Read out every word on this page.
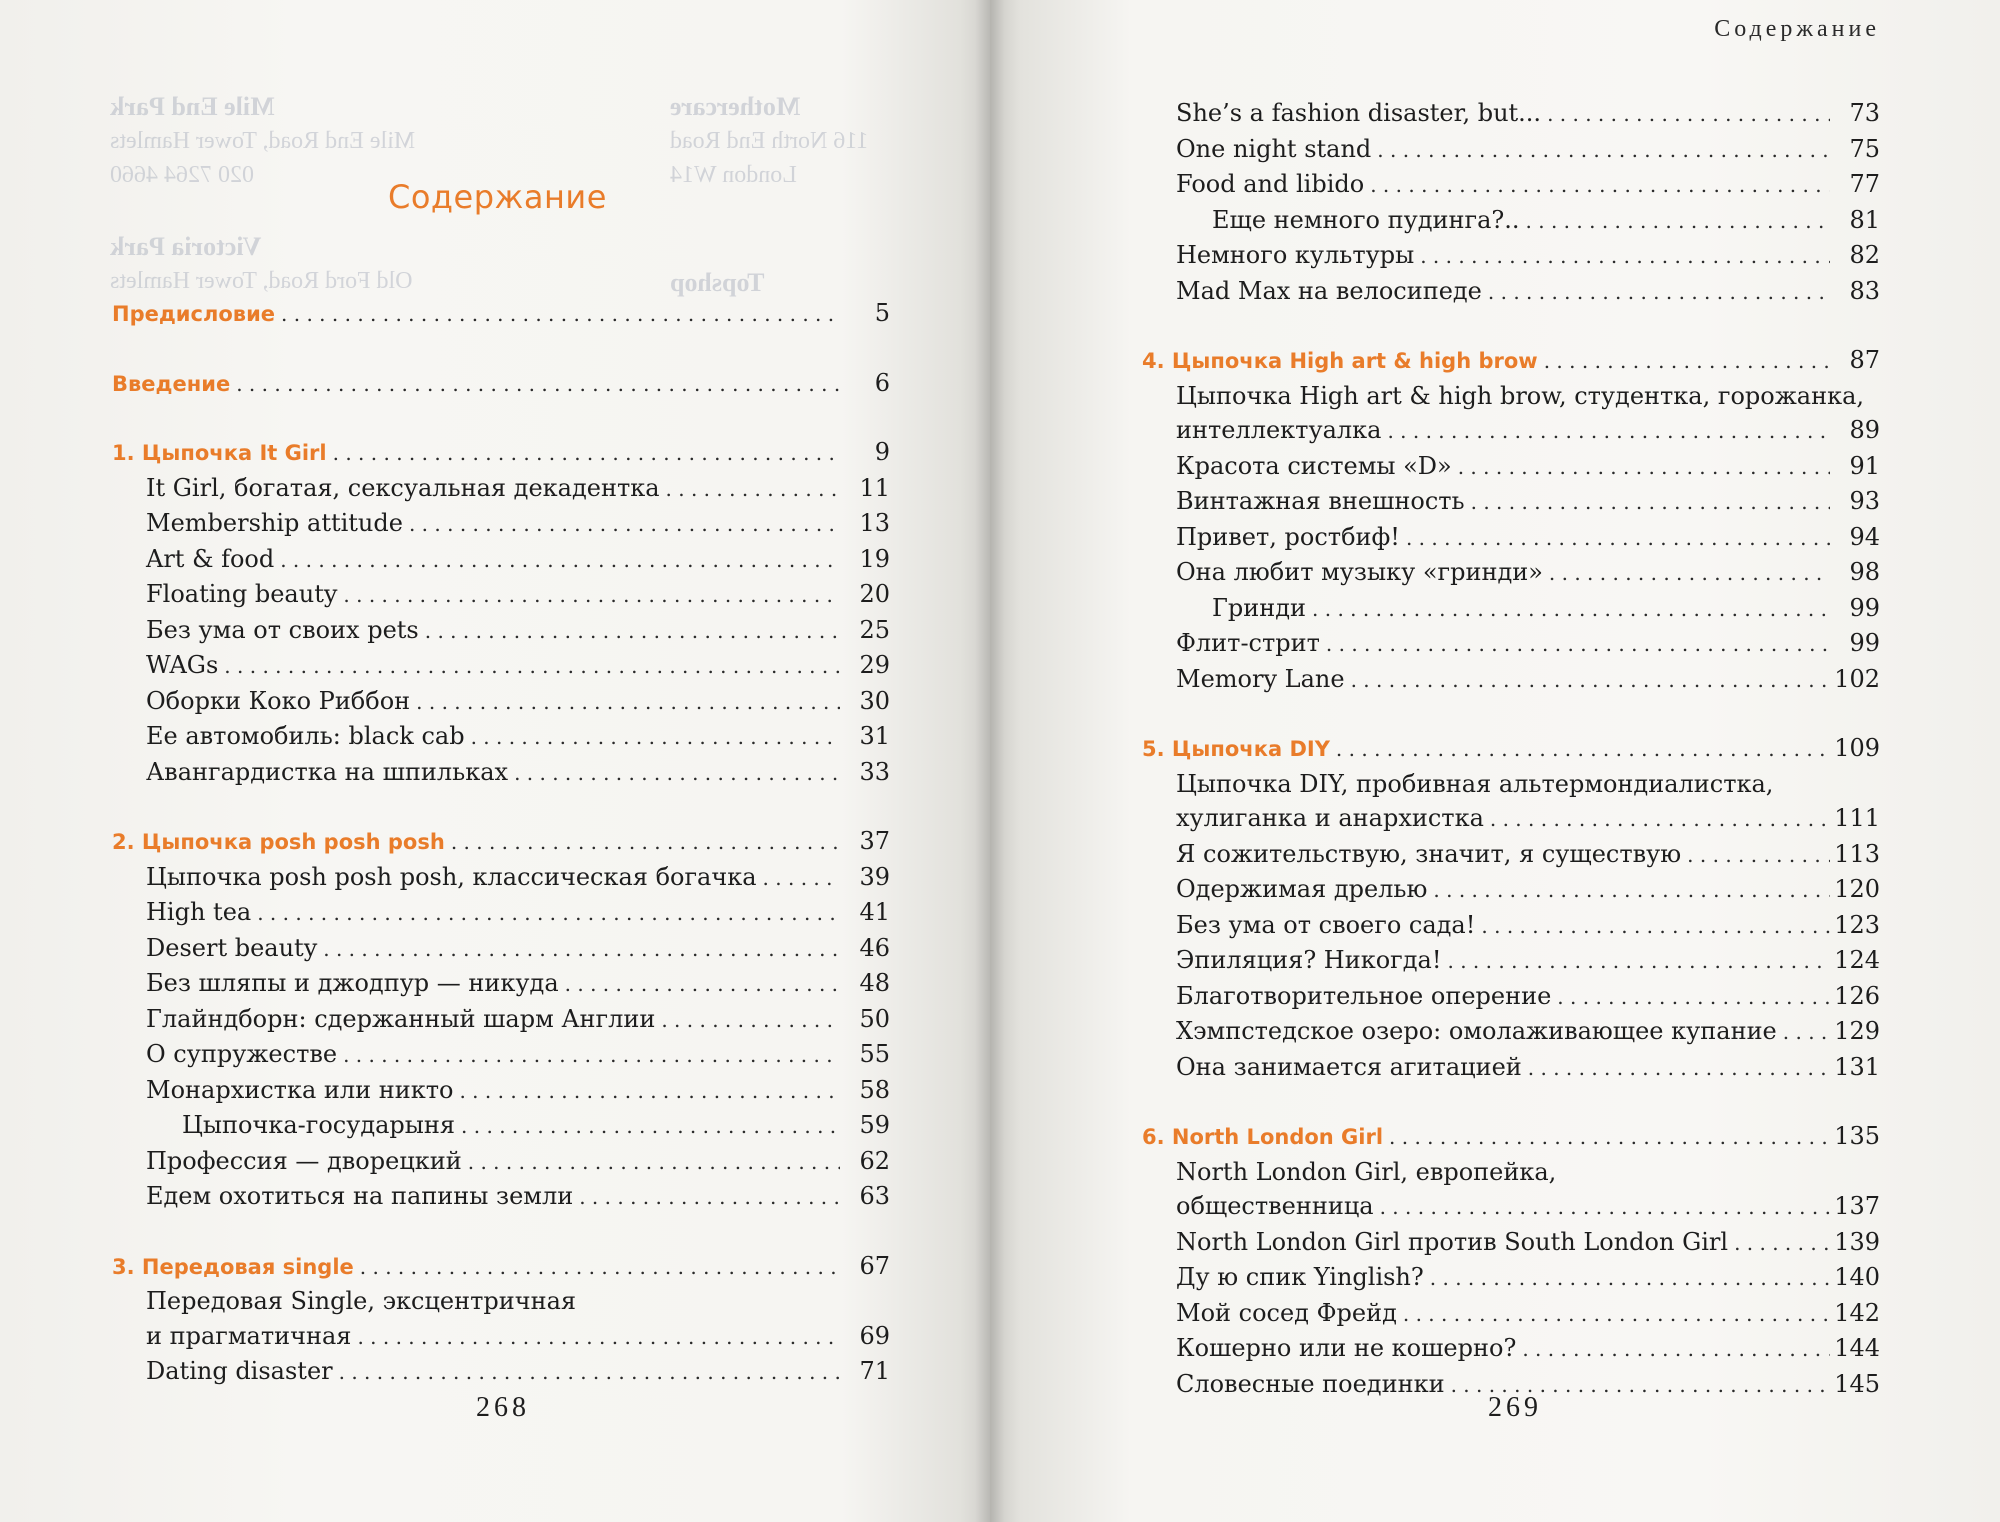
Mile End Park
Mile End Road, Tower Hamlets
020 7264 4660
Victoria Park
Old Ford Road, Tower Hamlets
Mothercare
116 North End Road
London W14
Topshop
Содержание
Предисловие . . .	5
Введение . . .	6
1. Цыпочка It Girl . . .	9
It Girl, богатая, сексуальная декадентка . . .	11
Membership attitude . . .	13
Art & food . . .	19
Floating beauty . . .	20
Без ума от своих pets . . .	25
WAGs . . .	29
Оборки Коко Риббон . . .	30
Ее автомобиль: black cab . . .	31
Авангардистка на шпильках . . .	33
2. Цыпочка posh posh posh . . .	37
Цыпочка posh posh posh, классическая богачка . . .	39
High tea . . .	41
Desert beauty . . .	46
Без шляпы и джодпур — никуда . . .	48
Глайндборн: сдержанный шарм Англии . . .	50
О супружестве . . .	55
Монархистка или никто . . .	58
Цыпочка-государыня . . .	59
Профессия — дворецкий . . .	62
Едем охотиться на папины земли . . .	63
3. Передовая single . . .	67
Передовая Single, эксцентричная
и прагматичная . . .	69
Dating disaster . . .	71
268
She’s a fashion disaster, but... . . .	73
One night stand . . .	75
Food and libido . . .	77
Еще немного пудинга?.. . . .	81
Немного культуры . . .	82
Mad Max на велосипеде . . .	83
4. Цыпочка High art & high brow . . .	87
Цыпочка High art & high brow, студентка, горожанка,
интеллектуалка . . .	89
Красота системы «D» . . .	91
Винтажная внешность . . .	93
Привет, ростбиф! . . .	94
Она любит музыку «гринди» . . .	98
Гринди . . .	99
Флит-стрит . . .	99
Memory Lane . . .	102
5. Цыпочка DIY . . .	109
Цыпочка DIY, пробивная альтермондиалистка,
хулиганка и анархистка . . .	111
Я сожительствую, значит, я существую . . .	113
Одержимая дрелью . . .	120
Без ума от своего сада! . . .	123
Эпиляция? Никогда! . . .	124
Благотворительное оперение . . .	126
Хэмпстедское озеро: омолаживающее купание . . . 129
Она занимается агитацией . . .	131
6. North London Girl . . .	135
North London Girl, европейка,
общественница . . .	137
North London Girl против South London Girl . . .	139
Ду ю спик Yinglish? . . .	140
Мой сосед Фрейд . . .	142
Кошерно или не кошерно? . . .	144
Словесные поединки . . .	145
269
Содержание
